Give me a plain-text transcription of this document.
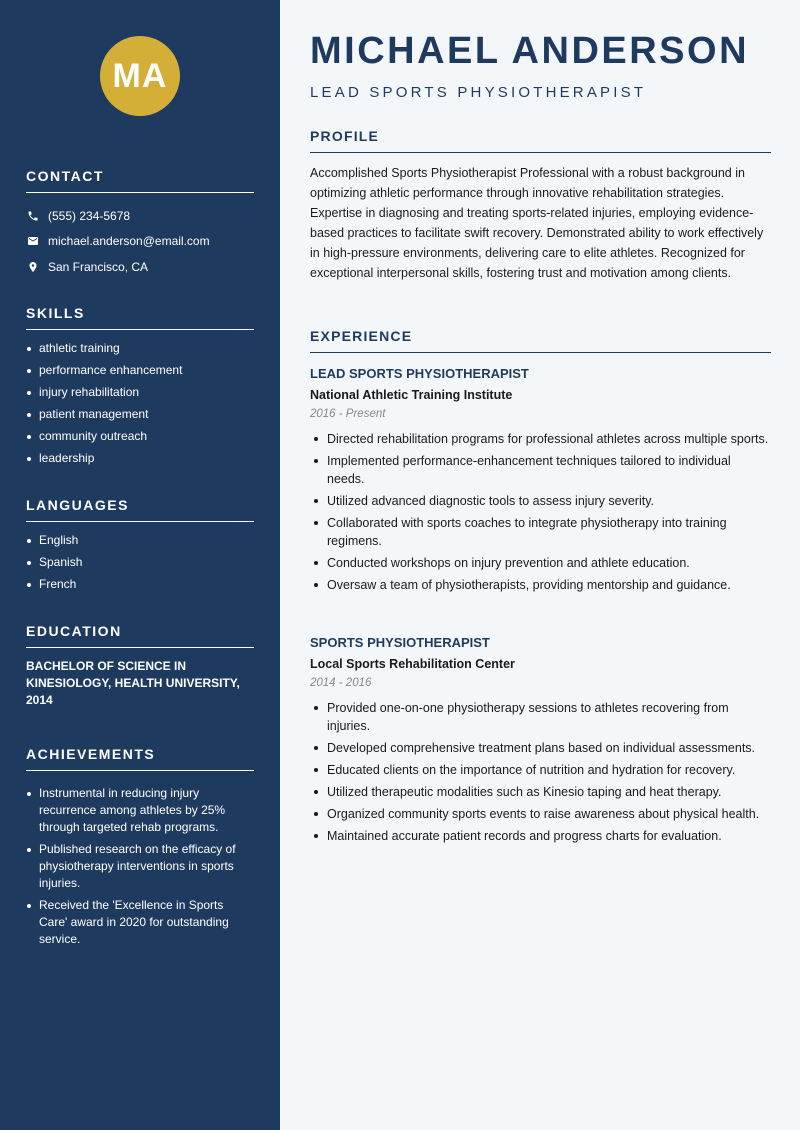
MA
CONTACT
(555) 234-5678
michael.anderson@email.com
San Francisco, CA
SKILLS
athletic training
performance enhancement
injury rehabilitation
patient management
community outreach
leadership
LANGUAGES
English
Spanish
French
EDUCATION
BACHELOR OF SCIENCE IN KINESIOLOGY, HEALTH UNIVERSITY, 2014
ACHIEVEMENTS
Instrumental in reducing injury recurrence among athletes by 25% through targeted rehab programs.
Published research on the efficacy of physiotherapy interventions in sports injuries.
Received the 'Excellence in Sports Care' award in 2020 for outstanding service.
MICHAEL ANDERSON
LEAD SPORTS PHYSIOTHERAPIST
PROFILE
Accomplished Sports Physiotherapist Professional with a robust background in optimizing athletic performance through innovative rehabilitation strategies. Expertise in diagnosing and treating sports-related injuries, employing evidence-based practices to facilitate swift recovery. Demonstrated ability to work effectively in high-pressure environments, delivering care to elite athletes. Recognized for exceptional interpersonal skills, fostering trust and motivation among clients.
EXPERIENCE
LEAD SPORTS PHYSIOTHERAPIST
National Athletic Training Institute
2016 - Present
Directed rehabilitation programs for professional athletes across multiple sports.
Implemented performance-enhancement techniques tailored to individual needs.
Utilized advanced diagnostic tools to assess injury severity.
Collaborated with sports coaches to integrate physiotherapy into training regimens.
Conducted workshops on injury prevention and athlete education.
Oversaw a team of physiotherapists, providing mentorship and guidance.
SPORTS PHYSIOTHERAPIST
Local Sports Rehabilitation Center
2014 - 2016
Provided one-on-one physiotherapy sessions to athletes recovering from injuries.
Developed comprehensive treatment plans based on individual assessments.
Educated clients on the importance of nutrition and hydration for recovery.
Utilized therapeutic modalities such as Kinesio taping and heat therapy.
Organized community sports events to raise awareness about physical health.
Maintained accurate patient records and progress charts for evaluation.
